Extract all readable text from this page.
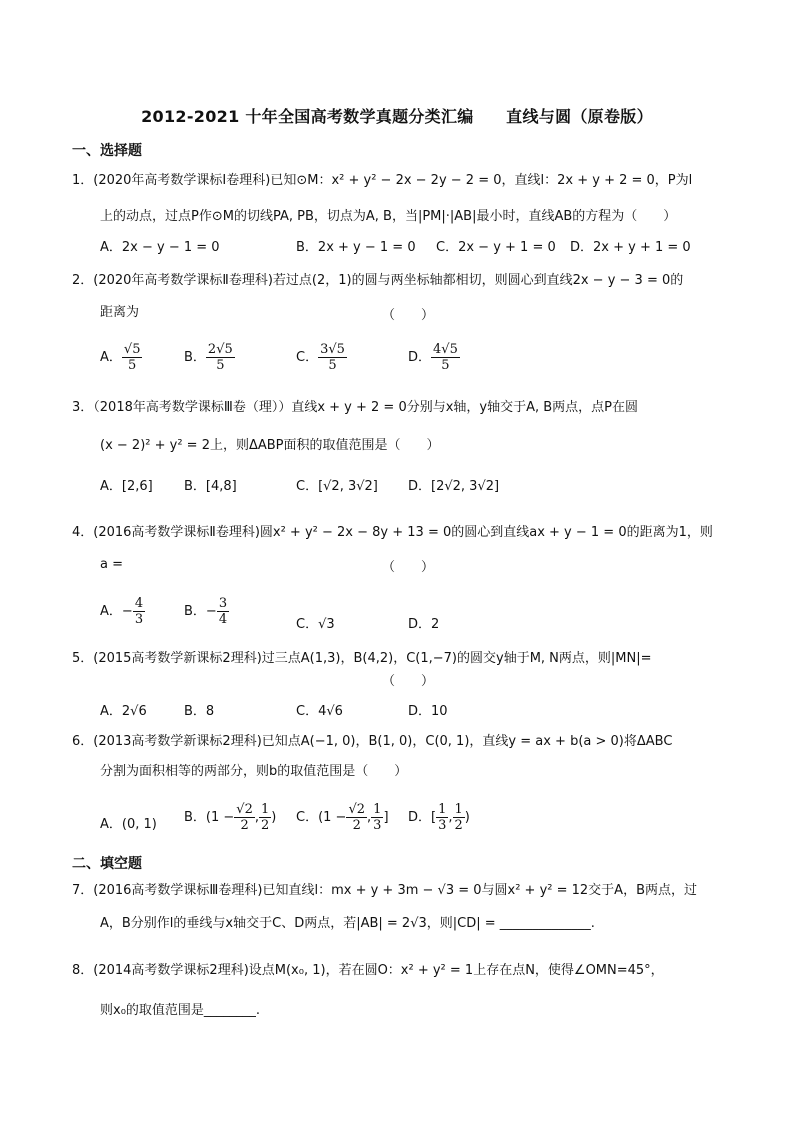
2012-2021 十年全国高考数学真题分类汇编　　直线与圆（原卷版）
一、选择题
1．(2020年高考数学课标Ⅰ卷理科)已知⊙M：x² + y² − 2x − 2y − 2 = 0，直线l：2x + y + 2 = 0，P为l
上的动点，过点P作⊙M的切线PA, PB，切点为A, B，当|PM|·|AB|最小时，直线AB的方程为（　　）
A．2x − y − 1 = 0	B．2x + y − 1 = 0 C．2x − y + 1 = 0 D．2x + y + 1 = 0
2．(2020年高考数学课标Ⅱ卷理科)若过点(2，1)的圆与两坐标轴都相切，则圆心到直线2x − y − 3 = 0的
距离为	（　　）
A． $\frac{√5}{5}$	B． $\frac{2√5}{5}$	C． $\frac{3√5}{5}$	D． $\frac{4√5}{5}$
3．（2018年高考数学课标Ⅲ卷（理））直线x + y + 2 = 0分别与x轴，y轴交于A, B两点，点P在圆
(x − 2)² + y² = 2上，则ΔABP面积的取值范围是（　　）
A．[2,6] B．[4,8]	C．[√2, 3√2] D．[2√2, 3√2]
4．(2016高考数学课标Ⅱ卷理科)圆x² + y² − 2x − 8y + 13 = 0的圆心到直线ax + y − 1 = 0的距离为1，则
a =	（　　）
A．− $\frac{4}{3}$	B．− $\frac{3}{4}$	C．√3	D．2
5．(2015高考数学新课标2理科)过三点A(1,3)，B(4,2)，C(1,−7)的圆交y轴于M, N两点，则|MN|=
（　　）
A．2√6	B．8	C．4√6	D．10
6．(2013高考数学新课标2理科)已知点A(−1, 0)，B(1, 0)，C(0, 1)，直线y = ax + b(a > 0)将ΔABC
分割为面积相等的两部分，则b的取值范围是（　　）
A．(0, 1) B．($1 - \frac{√2}{2}$ , $\frac{1}{2}$ ) C．($1 - \frac{√2}{2}$ , $\frac{1}{3}$ ] D．[ $\frac{1}{3}$ , $\frac{1}{2}$ )
二、填空题
7．(2016高考数学课标Ⅲ卷理科)已知直线l：mx + y + 3m − √3 = 0与圆x² + y² = 12交于A，B两点，过
A，B分别作l的垂线与x轴交于C、D两点，若|AB| = 2√3，则|CD| = ______________.
8．(2014高考数学课标2理科)设点M(x₀, 1)，若在圆O：x² + y² = 1上存在点N，使得∠OMN=45°，
则x₀的取值范围是________.
